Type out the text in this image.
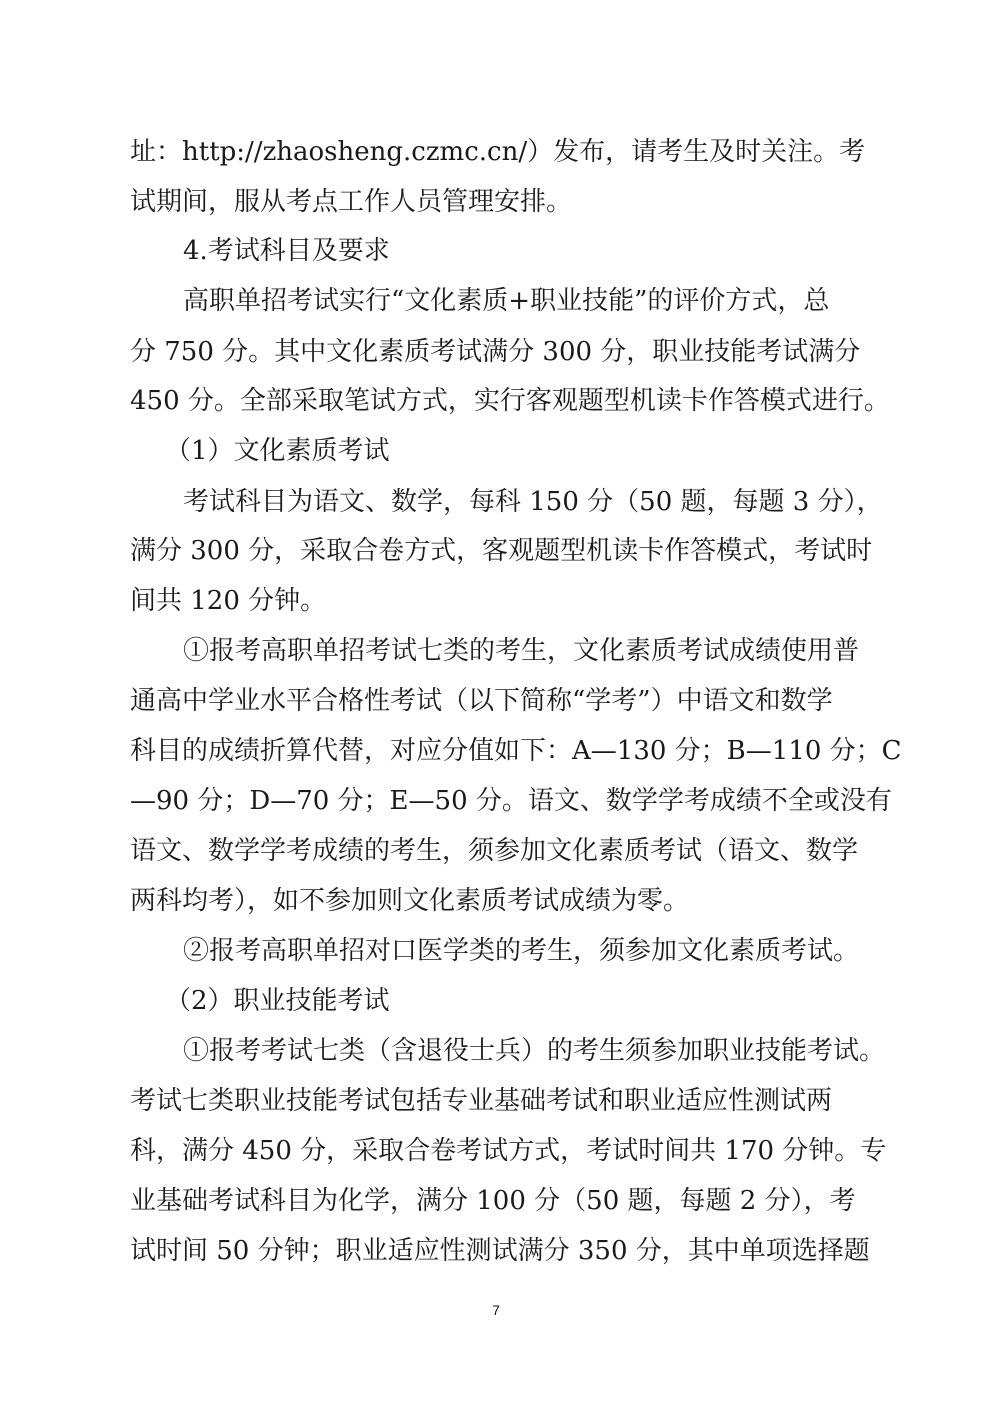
址：http://zhaosheng.czmc.cn/）发布，请考生及时关注。考
试期间，服从考点工作人员管理安排。
4.考试科目及要求
高职单招考试实行“文化素质+职业技能”的评价方式，总
分 750 分。其中文化素质考试满分 300 分，职业技能考试满分
450 分。全部采取笔试方式，实行客观题型机读卡作答模式进行。
（1）文化素质考试
考试科目为语文、数学，每科 150 分（50 题，每题 3 分），
满分 300 分，采取合卷方式，客观题型机读卡作答模式，考试时
间共 120 分钟。
①报考高职单招考试七类的考生，文化素质考试成绩使用普
通高中学业水平合格性考试（以下简称“学考”）中语文和数学
科目的成绩折算代替，对应分值如下：A—130 分；B—110 分；C
—90 分；D—70 分；E—50 分。语文、数学学考成绩不全或没有
语文、数学学考成绩的考生，须参加文化素质考试（语文、数学
两科均考），如不参加则文化素质考试成绩为零。
②报考高职单招对口医学类的考生，须参加文化素质考试。
（2）职业技能考试
①报考考试七类（含退役士兵）的考生须参加职业技能考试。
考试七类职业技能考试包括专业基础考试和职业适应性测试两
科，满分 450 分，采取合卷考试方式，考试时间共 170 分钟。专
业基础考试科目为化学，满分 100 分（50 题，每题 2 分），考
试时间 50 分钟；职业适应性测试满分 350 分，其中单项选择题
7
